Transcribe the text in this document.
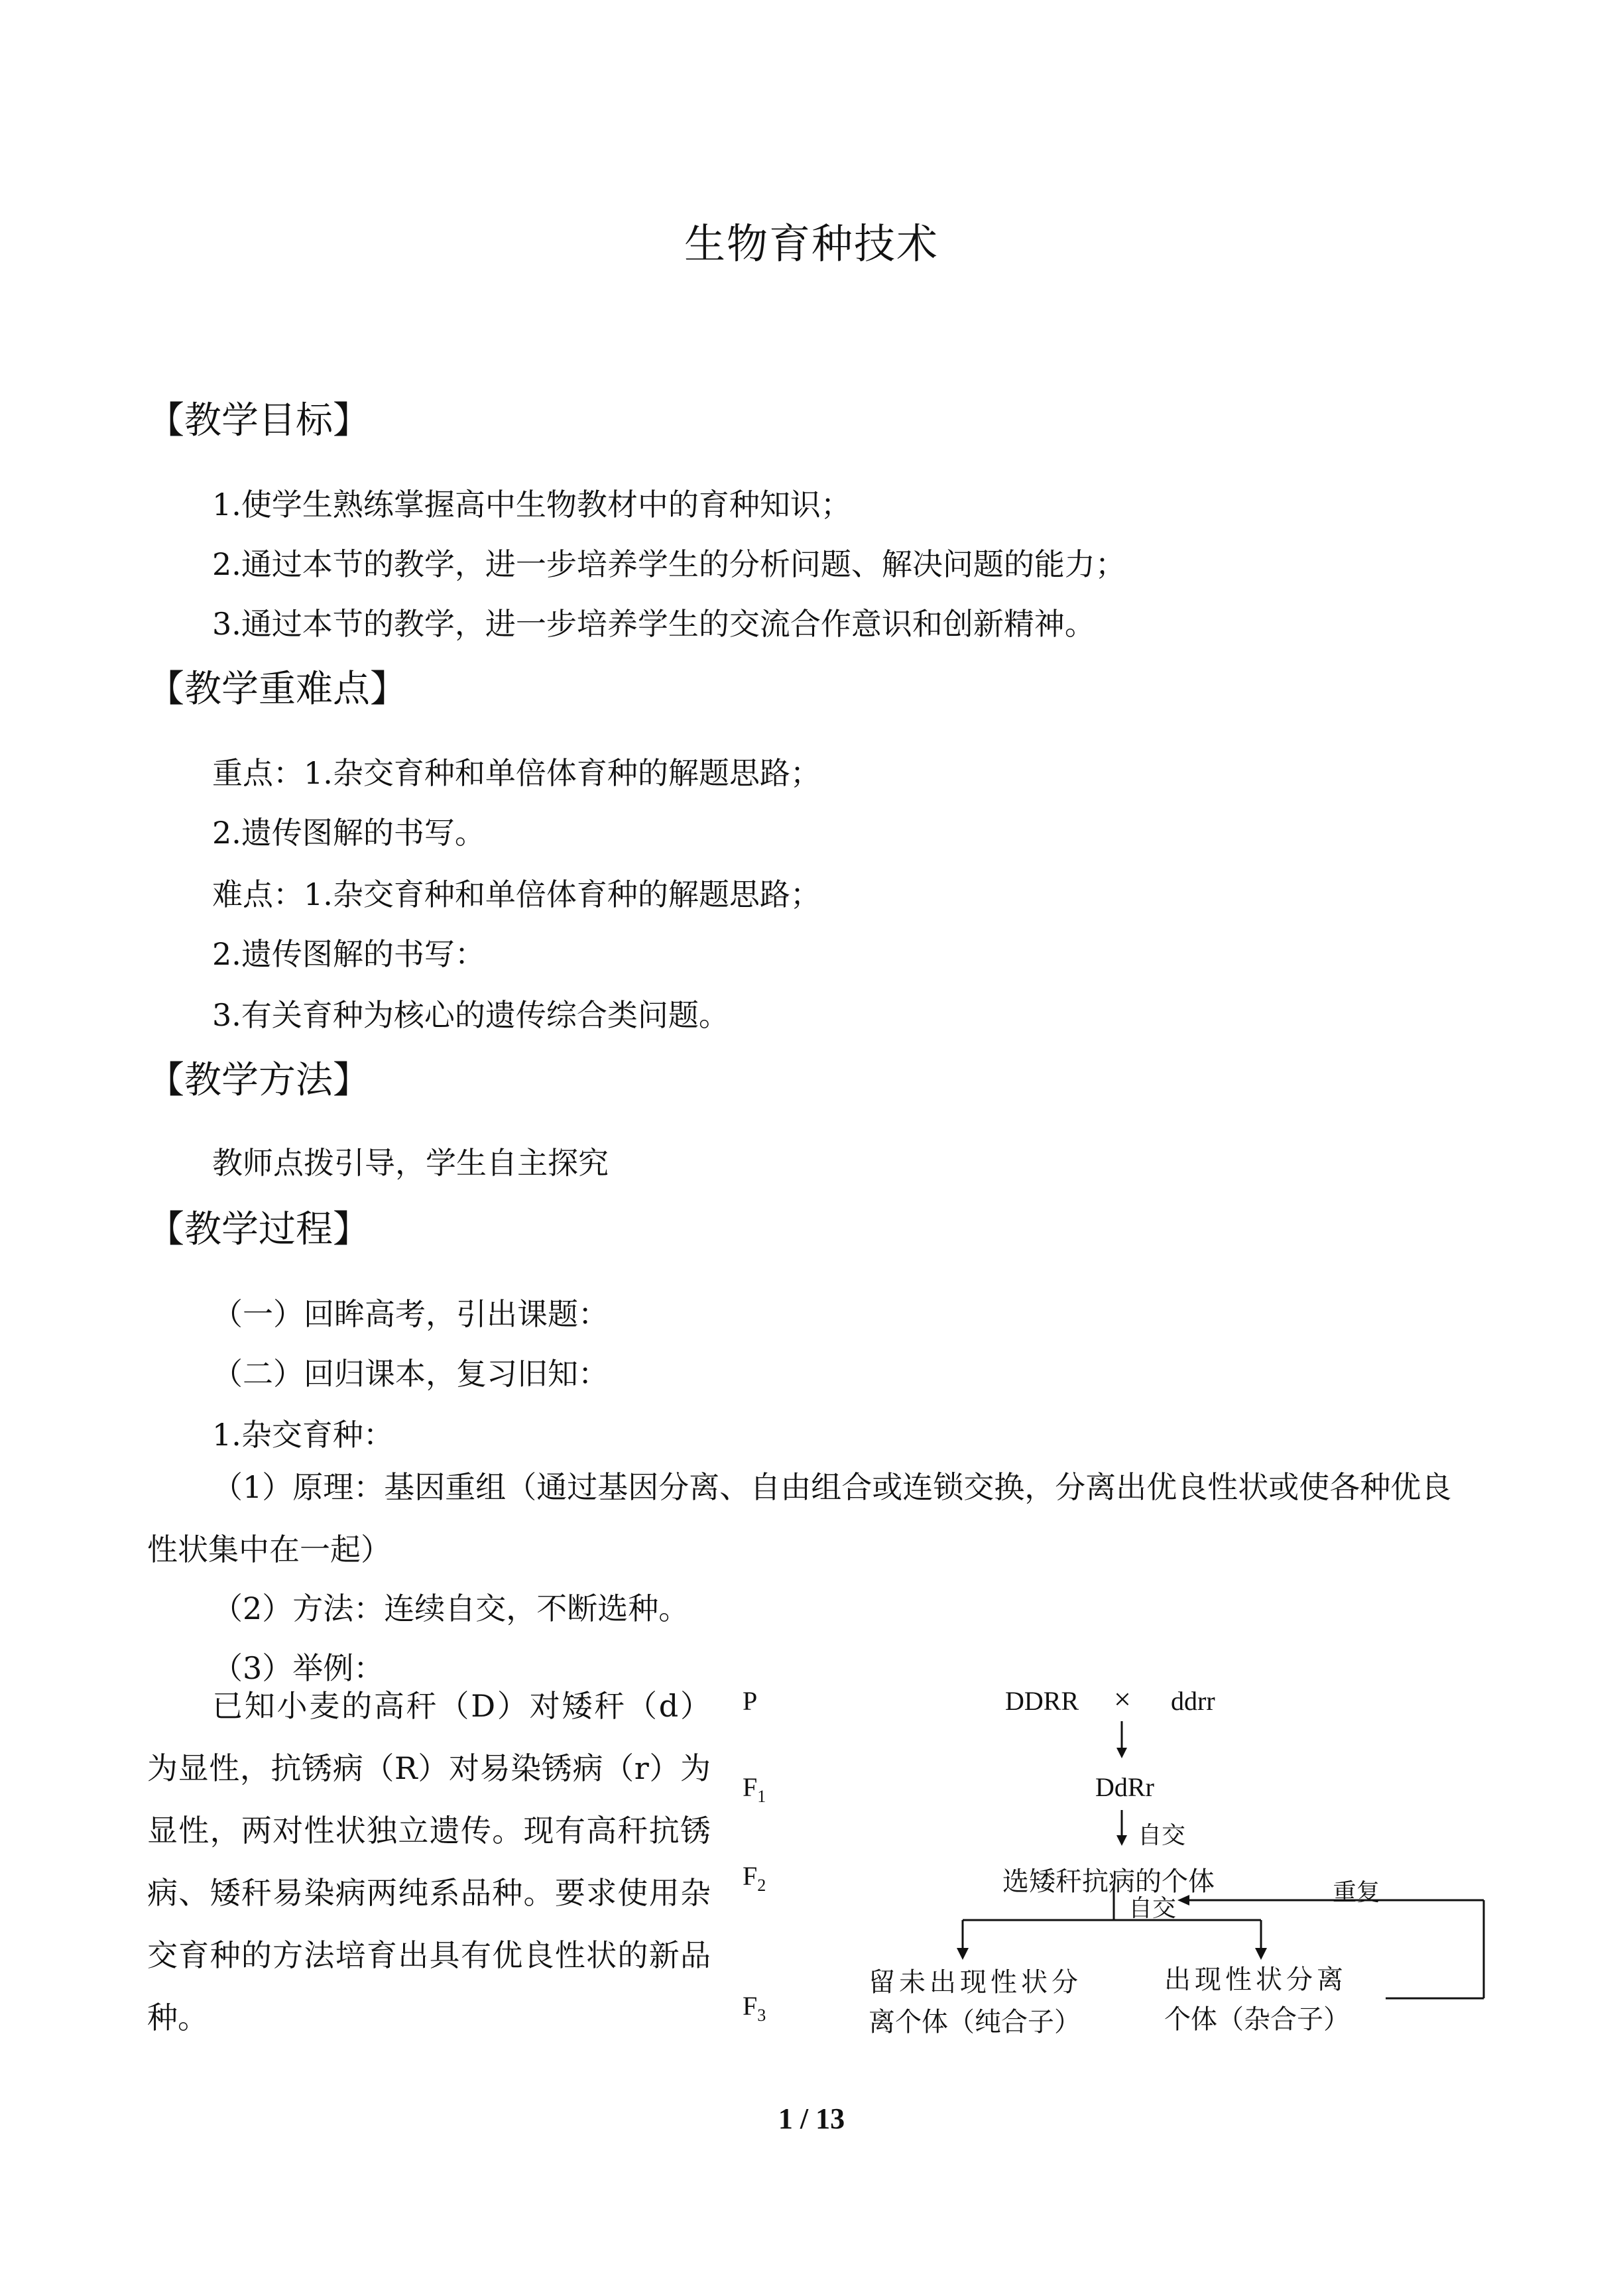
生物育种技术
【教学目标】
1.使学生熟练掌握高中生物教材中的育种知识；
2.通过本节的教学，进一步培养学生的分析问题、解决问题的能力；
3.通过本节的教学，进一步培养学生的交流合作意识和创新精神。
【教学重难点】
重点：1.杂交育种和单倍体育种的解题思路；
2.遗传图解的书写。
难点：1.杂交育种和单倍体育种的解题思路；
2.遗传图解的书写：
3.有关育种为核心的遗传综合类问题。
【教学方法】
教师点拨引导，学生自主探究
【教学过程】
（一）回眸高考，引出课题：
（二）回归课本，复习旧知：
1.杂交育种：
（1）原理：基因重组（通过基因分离、自由组合或连锁交换，分离出优良性状或使各种优良性状集中在一起）
（2）方法：连续自交，不断选种。
（3）举例：
已知小麦的高秆（D）对矮秆（d）为显性，抗锈病（R）对易染锈病（r）为显性，两对性状独立遗传。现有高秆抗锈病、矮秆易染病两纯系品种。要求使用杂交育种的方法培育出具有优良性状的新品种。
P
$F_1$
$F_2$
$F_3$
DDRR × ddrr
DdRr
自交
选矮秆抗病的个体
自交
重复
留未出现性状分
离个体（纯合子）
出现性状分离
个体（杂合子）
1 / 13
